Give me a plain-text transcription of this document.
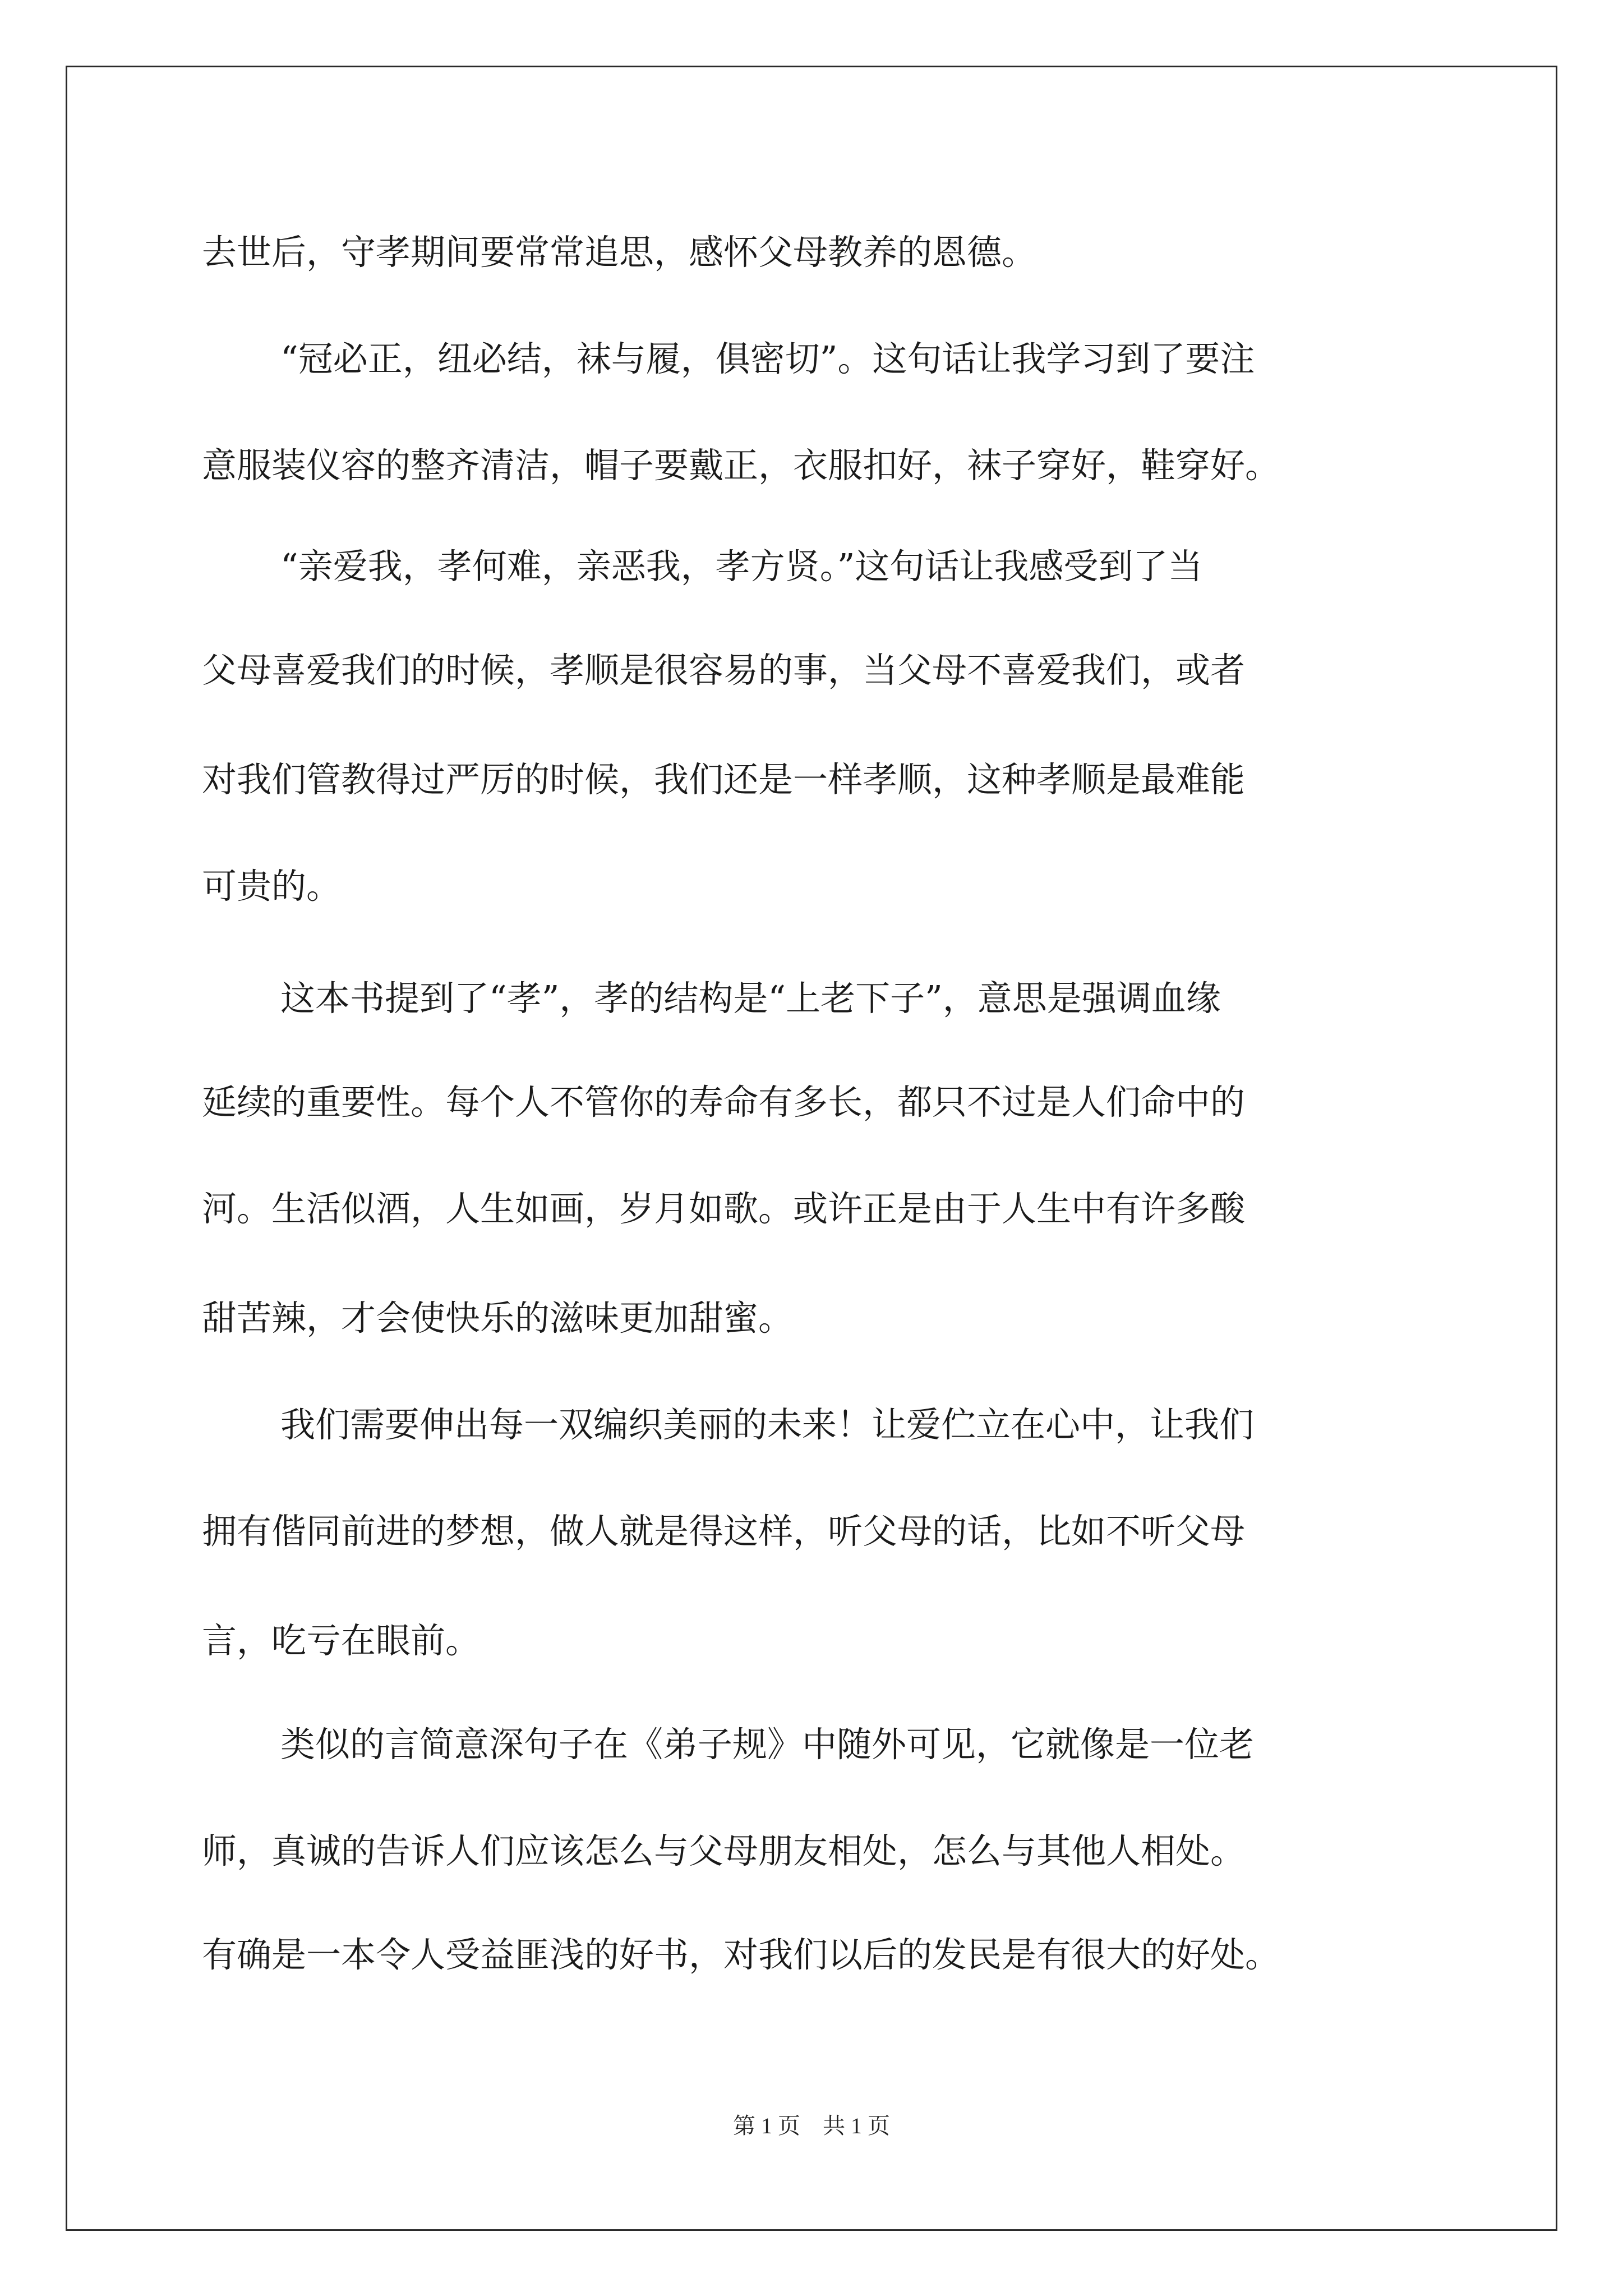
去世后，守孝期间要常常追思，感怀父母教养的恩德。
“冠必正，纽必结，袜与履，俱密切”。这句话让我学习到了要注
意服装仪容的整齐清洁，帽子要戴正，衣服扣好，袜子穿好，鞋穿好。
“亲爱我，孝何难，亲恶我，孝方贤。”这句话让我感受到了当
父母喜爱我们的时候，孝顺是很容易的事，当父母不喜爱我们，或者
对我们管教得过严厉的时候，我们还是一样孝顺，这种孝顺是最难能
可贵的。
这本书提到了“孝”，孝的结构是“上老下子”，意思是强调血缘
延续的重要性。每个人不管你的寿命有多长，都只不过是人们命中的
河。生活似酒，人生如画，岁月如歌。或许正是由于人生中有许多酸
甜苦辣，才会使快乐的滋味更加甜蜜。
我们需要伸出每一双编织美丽的未来！让爱伫立在心中，让我们
拥有偕同前进的梦想，做人就是得这样，听父母的话，比如不听父母
言，吃亏在眼前。
类似的言简意深句子在《弟子规》中随外可见，它就像是一位老
师，真诚的告诉人们应该怎么与父母朋友相处，怎么与其他人相处。
有确是一本令人受益匪浅的好书，对我们以后的发民是有很大的好处。
第 1 页    共 1 页
